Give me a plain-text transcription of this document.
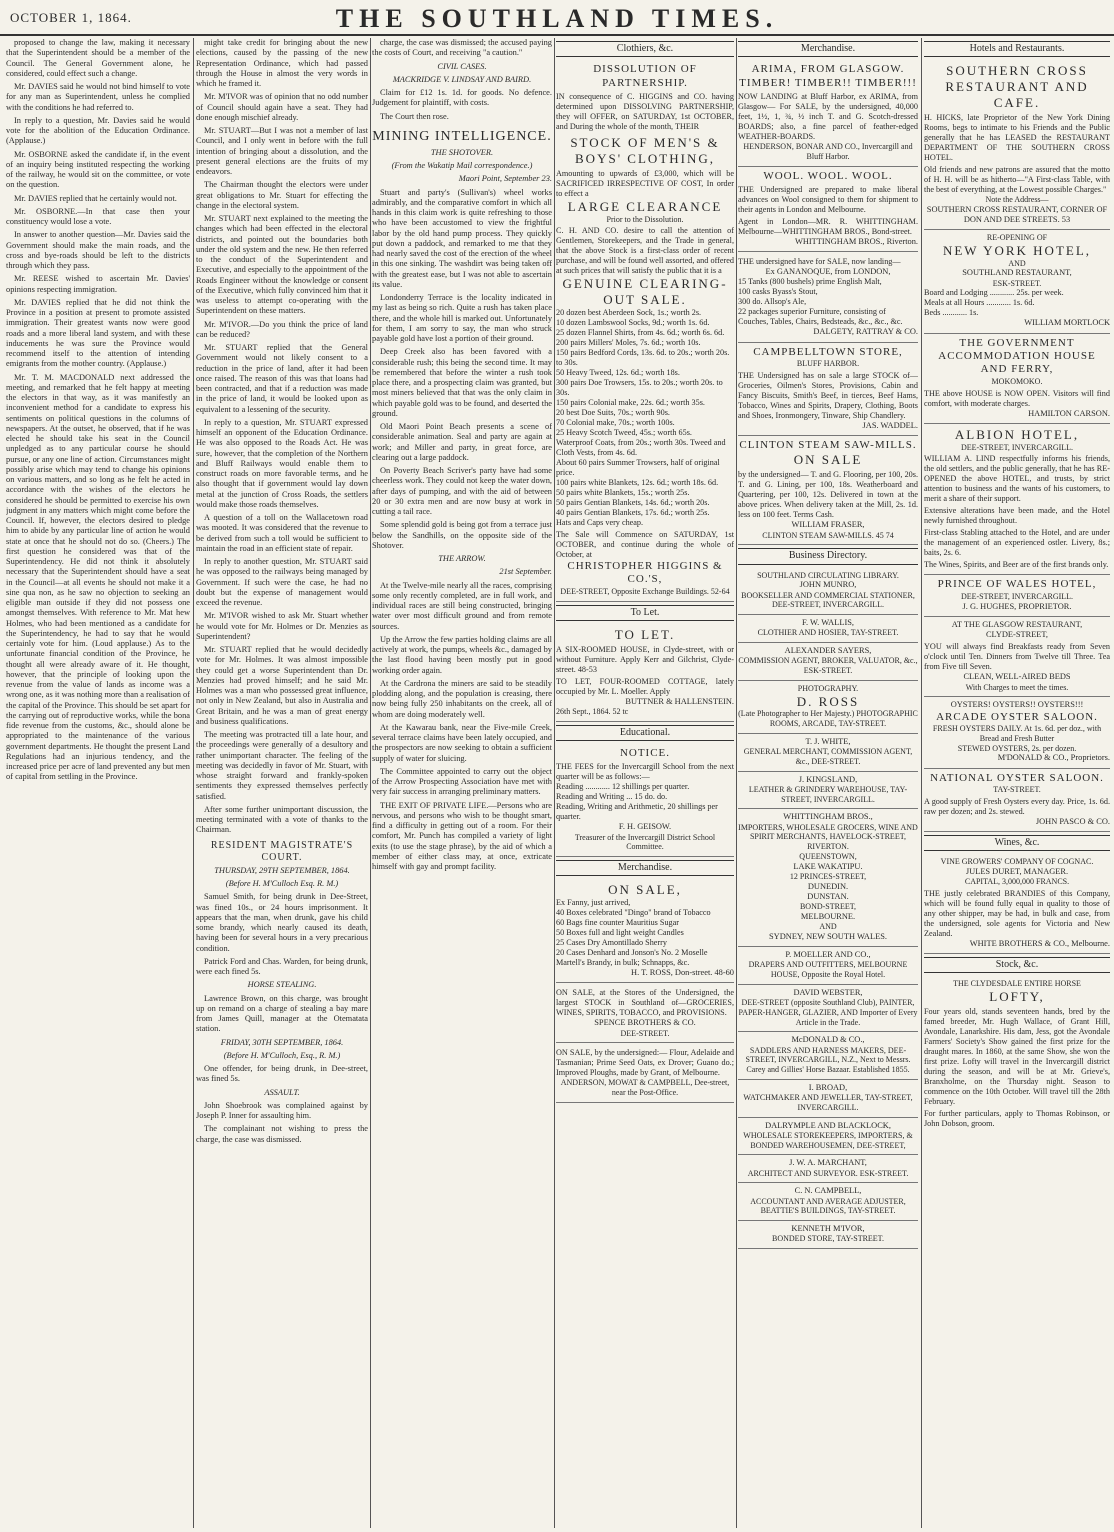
OCTOBER 1, 1864.	THE SOUTHLAND TIMES.

proposed to change the law, making it necessary that the Superintendent should be a member of the Council. The General Government alone, he considered, could effect such a change.

Mr. DAVIES said he would not bind himself to vote for any man as Superintendent, unless he complied with the conditions he had referred to.

In reply to a question, Mr. Davies said he would vote for the abolition of the Education Ordinance. (Applause.)

Mr. OSBORNE asked the candidate if, in the event of an inquiry being instituted respecting the working of the railway, he would sit on the committee, or vote on the question.

Mr. DAVIES replied that he certainly would not.

Mr. OSBORNE.—In that case then your constituency would lose a vote.

In answer to another question—Mr. Davies said the Government should make the main roads, and the cross and bye-roads should be left to the districts through which they pass.

Mr. REESE wished to ascertain Mr. Davies' opinions respecting immigration.

Mr. DAVIES replied that he did not think the Province in a position at present to promote assisted immigration. Their greatest wants now were good roads and a more liberal land system, and with these inducements he was sure the Province would recommend itself to the attention of intending emigrants from the mother country. (Applause.)

Mr. T. M. MACDONALD next addressed the meeting, and remarked that he felt happy at meeting the electors in that way, as it was manifestly an inconvenient method for a candidate to express his sentiments on political questions in the columns of newspapers. At the outset, he observed, that if he was elected he should take his seat in the Council unpledged as to any particular course he should pursue, or any one line of action. Circumstances might possibly arise which may tend to change his opinions on various matters, and so long as he felt he acted in accordance with the wishes of the electors he considered he should be permitted to exercise his own judgment in any matters which might come before the Council. If, however, the electors desired to pledge him to abide by any particular line of action he would state at once that he should not do so. (Cheers.) The first question he considered was that of the Superintendency. He did not think it absolutely necessary that the Superintendent should have a seat in the Council—at all events he should not make it a sine qua non, as he saw no objection to seeking an eligible man outside if they did not possess one amongst themselves. With reference to Mr. Mat hew Holmes, who had been mentioned as a candidate for the Superintendency, he had to say that he would certainly vote for him. (Loud applause.) As to the unfortunate financial condition of the Province, he thought all were already aware of it. He thought, however, that the principle of looking upon the revenue from the value of lands as income was a wrong one, as it was nothing more than a realisation of the capital of the Province. This should be set apart for the carrying out of reproductive works, while the bona fide revenue from the customs, &c., should alone be appropriated to the maintenance of the various government departments. He thought the present Land Regulations had an injurious tendency, and the increased price per acre of land prevented any but men of capital from settling in the Province.

might take credit for bringing about the new elections, caused by the passing of the new Representation Ordinance, which had passed through the House in almost the very words in which he framed it.

Mr. M'IVOR was of opinion that no odd number of Council should again have a seat. They had done enough mischief already.

Mr. STUART—But I was not a member of last Council, and I only went in before with the full intention of bringing about a dissolution, and the present general elections are the fruits of my endeavors.

The Chairman thought the electors were under great obligations to Mr. Stuart for effecting the change in the electoral system.

Mr. STUART next explained to the meeting the changes which had been effected in the electoral districts, and pointed out the boundaries both under the old system and the new. He then referred to the conduct of the Superintendent and Executive, and especially to the appointment of the Roads Engineer without the knowledge or consent of the Executive, which fully convinced him that it was useless to attempt co-operating with the Superintendent on these matters.

Mr. M'IVOR.—Do you think the price of land can be reduced?

Mr. STUART replied that the General Government would not likely consent to a reduction in the price of land, after it had been once raised. The reason of this was that loans had been contracted, and that if a reduction was made in the price of land, it would be looked upon as equivalent to a lessening of the security.

In reply to a question, Mr. STUART expressed himself an opponent of the Education Ordinance. He was also opposed to the Roads Act. He was sure, however, that the completion of the Northern and Bluff Railways would enable them to construct roads on more favorable terms, and he also thought that if government would lay down metal at the junction of Cross Roads, the settlers would make those roads themselves.

A question of a toll on the Wallacetown road was mooted. It was considered that the revenue to be derived from such a toll would be sufficient to maintain the road in an efficient state of repair.

In reply to another question, Mr. STUART said he was opposed to the railways being managed by Government. If such were the case, he had no doubt but the expense of management would exceed the revenue.

Mr. M'IVOR wished to ask Mr. Stuart whether he would vote for Mr. Holmes or Dr. Menzies as Superintendent?

Mr. STUART replied that he would decidedly vote for Mr. Holmes. It was almost impossible they could get a worse Superintendent than Dr. Menzies had proved himself; and he said Mr. Holmes was a man who possessed great influence, not only in New Zealand, but also in Australia and Great Britain, and he was a man of great energy and business qualifications.

The meeting was protracted till a late hour, and the proceedings were generally of a desultory and rather unimportant character. The feeling of the meeting was decidedly in favor of Mr. Stuart, with whose straight forward and frankly-spoken sentiments they expressed themselves perfectly satisfied.

After some further unimportant discussion, the meeting terminated with a vote of thanks to the Chairman.

RESIDENT MAGISTRATE'S COURT.
THURSDAY, 29TH SEPTEMBER, 1864.
(Before H. M'Culloch Esq. R. M.)

Samuel Smith, for being drunk in Dee-Street, was fined 10s., or 24 hours imprisonment. It appears that the man, when drunk, gave his child some brandy, which nearly caused its death, having been for several hours in a very precarious condition.

Patrick Ford and Chas. Warden, for being drunk, were each fined 5s.

HORSE STEALING.

Lawrence Brown, on this charge, was brought up on remand on a charge of stealing a bay mare from James Quill, manager at the Otematata station.

FRIDAY, 30TH SEPTEMBER, 1864.
(Before H. M'Culloch, Esq., R. M.)

One offender, for being drunk, in Dee-street, was fined 5s.

ASSAULT.

John Shoebrook was complained against by Joseph P. Inner for assaulting him.

The complainant not wishing to press the charge, the case was dismissed.

charge, the case was dismissed; the accused paying the costs of Court, and receiving "a caution."

CIVIL CASES.
MACKRIDGE V. LINDSAY AND BAIRD.

Claim for £12 1s. 1d. for goods. No defence. Judgement for plaintiff, with costs.

The Court then rose.

MINING INTELLIGENCE.
THE SHOTOVER.
(From the Wakatip Mail correspondence.)
Maori Point, September 23.

Stuart and party's (Sullivan's) wheel works admirably, and the comparative comfort in which all hands in this claim work is quite refreshing to those who have been accustomed to view the frightful labor by the old hand pump process. They quickly put down a paddock, and remarked to me that they had nearly saved the cost of the erection of the wheel in this one sinking. The washdirt was being taken off with the greatest ease, but I was not able to ascertain its value.

Londonderry Terrace is the locality indicated in my last as being so rich. Quite a rush has taken place there, and the whole hill is marked out. Unfortunately for them, I am sorry to say, the man who struck payable gold have lost a portion of their ground.

Deep Creek also has been favored with a considerable rush; this being the second time. It may be remembered that before the winter a rush took place there, and a prospecting claim was granted, but most miners believed that that was the only claim in which payable gold was to be found, and deserted the ground.

Old Maori Point Beach presents a scene of considerable animation. Seal and party are again at work; and Miller and party, in great force, are clearing out a large paddock.

On Poverty Beach Scriver's party have had some cheerless work. They could not keep the water down, after days of pumping, and with the aid of between 20 or 30 extra men and are now busy at work in cutting a tail race.

Some splendid gold is being got from a terrace just below the Sandhills, on the opposite side of the Shotover.

THE ARROW.
21st September.

At the Twelve-mile nearly all the races, comprising some only recently completed, are in full work, and individual races are still being constructed, bringing water over most difficult ground and from remote sources.

Up the Arrow the few parties holding claims are all actively at work, the pumps, wheels &c., damaged by the last flood having been mostly put in good working order again.

At the Cardrona the miners are said to be steadily plodding along, and the population is creasing, there now being fully 250 inhabitants on the creek, all of whom are doing moderately well.

At the Kawarau bank, near the Five-mile Creek, several terrace claims have been lately occupied, and the prospectors are now seeking to obtain a sufficient supply of water for sluicing.

The Committee appointed to carry out the object of the Arrow Prospecting Association have met with very fair success in arranging preliminary matters.

THE EXIT OF PRIVATE LIFE.—Persons who are nervous, and persons who wish to be thought smart, find a difficulty in getting out of a room. For their comfort, Mr. Punch has compiled a variety of light exits (to use the stage phrase), by the aid of which a member of either class may, at once, extricate himself with gay and prompt facility.

Clothiers, &c.
DISSOLUTION OF PARTNERSHIP.
IN consequence of C. HIGGINS and CO. having determined upon DISSOLVING PARTNERSHIP, they will OFFER, on SATURDAY, 1st OCTOBER, and During the whole of the month, THEIR
STOCK OF MEN'S & BOYS' CLOTHING,
Amounting to upwards of £3,000, which will be SACRIFICED IRRESPECTIVE OF COST, In order to effect a
LARGE CLEARANCE
Prior to the Dissolution.
C. H. AND CO. desire to call the attention of Gentlemen, Storekeepers, and the Trade in general, that the above Stock is a first-class order of recent purchase, and will be found well assorted, and offered at such prices that will satisfy the public that it is a
GENUINE CLEARING-OUT SALE.
20 dozen best Aberdeen Sock, 1s.; worth 2s.
10 dozen Lambswool Socks, 9d.; worth 1s. 6d.
25 dozen Flannel Shirts, from 4s. 6d.; worth 6s. 6d.
200 pairs Millers' Moles, 7s. 6d.; worth 10s.
150 pairs Bedford Cords, 13s. 6d. to 20s.; worth 20s. to 30s.
50 Heavy Tweed, 12s. 6d.; worth 18s.
300 pairs Doe Trowsers, 15s. to 20s.; worth 20s. to 30s.
150 pairs Colonial make, 22s. 6d.; worth 35s.
20 best Doe Suits, 70s.; worth 90s.
70 Colonial make, 70s.; worth 100s.
25 Heavy Scotch Tweed, 45s.; worth 65s.
Waterproof Coats, from 20s.; worth 30s. Tweed and Cloth Vests, from 4s. 6d.
About 60 pairs Summer Trowsers, half of original price.
100 pairs white Blankets, 12s. 6d.; worth 18s. 6d.
50 pairs white Blankets, 15s.; worth 25s.
50 pairs Gentian Blankets, 14s. 6d.; worth 20s.
40 pairs Gentian Blankets, 17s. 6d.; worth 25s.
Hats and Caps very cheap.
The Sale will Commence on SATURDAY, 1st OCTOBER, and continue during the whole of October, at
CHRISTOPHER HIGGINS & CO.'S,
DEE-STREET, Opposite Exchange Buildings. 52-64
To Let.
TO LET.
A SIX-ROOMED HOUSE, in Clyde-street, with or without Furniture. Apply Kerr and Gilchrist, Clyde-street. 48-53
TO LET, FOUR-ROOMED COTTAGE, lately occupied by Mr. L. Moeller. Apply
BUTTNER & HALLENSTEIN.
26th Sept., 1864. 52 tc
Educational.
NOTICE.
THE FEES for the Invercargill School from the next quarter will be as follows:—
Reading ............ 12 shillings per quarter.
Reading and Writing ... 15 do. do.
Reading, Writing and Arithmetic, 20 shillings per quarter.
F. H. GEISOW.
Treasurer of the Invercargill District School Committee.
Merchandise.
ON SALE,
Ex Fanny, just arrived,
40 Boxes celebrated "Dingo" brand of Tobacco
60 Bags fine counter Mauritius Sugar
50 Boxes full and light weight Candles
25 Cases Dry Amontillado Sherry
20 Cases Denhard and Jonson's No. 2 Moselle
Martell's Brandy, in bulk; Schnapps, &c.
H. T. ROSS, Don-street. 48-60
ON SALE, at the Stores of the Undersigned, the largest STOCK in Southland of—GROCERIES, WINES, SPIRITS, TOBACCO, and PROVISIONS.
SPENCE BROTHERS & CO.
DEE-STREET.
ON SALE, by the undersigned:— Flour, Adelaide and Tasmanian; Prime Seed Oats, ex Drover; Guano do.; Improved Ploughs, made by Grant, of Melbourne.
ANDERSON, MOWAT & CAMPBELL, Dee-street, near the Post-Office.
Merchandise.
ARIMA, FROM GLASGOW.
TIMBER! TIMBER!! TIMBER!!!
NOW LANDING at Bluff Harbor, ex ARIMA, from Glasgow— For SALE, by the undersigned, 40,000 feet, 1½, 1, ¾, ½ inch T. and G. Scotch-dressed BOARDS; also, a fine parcel of feather-edged WEATHER-BOARDS.
HENDERSON, BONAR AND CO., Invercargill and Bluff Harbor.
WOOL. WOOL. WOOL.
THE Undersigned are prepared to make liberal advances on Wool consigned to them for shipment to their agents in London and Melbourne.
Agent in London—MR. R. WHITTINGHAM. Melbourne—WHITTINGHAM BROS., Bond-street.
WHITTINGHAM BROS., Riverton.
THE undersigned have for SALE, now landing—
Ex GANANOQUE, from LONDON,
15 Tanks (800 bushels) prime English Malt,
100 casks Byass's Stout,
300 do. Allsop's Ale,
22 packages superior Furniture, consisting of Couches, Tables, Chairs, Bedsteads, &c., &c., &c.
DALGETY, RATTRAY & CO.
CAMPBELLTOWN STORE,
BLUFF HARBOR.
THE Undersigned has on sale a large STOCK of— Groceries, Oilmen's Stores, Provisions, Cabin and Fancy Biscuits, Smith's Beef, in tierces, Beef Hams, Tobacco, Wines and Spirits, Drapery, Clothing, Boots and Shoes, Ironmongery, Tinware, Ship Chandlery.
JAS. WADDEL.
CLINTON STEAM SAW-MILLS.
ON SALE
by the undersigned— T. and G. Flooring, per 100, 20s. T. and G. Lining, per 100, 18s. Weatherboard and Quartering, per 100, 12s. Delivered in town at the above prices. When delivery taken at the Mill, 2s. 1d. less on 100 feet. Terms Cash.
WILLIAM FRASER,
CLINTON STEAM SAW-MILLS. 45 74
Business Directory.
SOUTHLAND CIRCULATING LIBRARY.
JOHN MUNRO,
BOOKSELLER AND COMMERCIAL STATIONER,
DEE-STREET, INVERCARGILL.
F. W. WALLIS,
CLOTHIER AND HOSIER, TAY-STREET.
ALEXANDER SAYERS,
COMMISSION AGENT, BROKER, VALUATOR, &c., ESK-STREET.
PHOTOGRAPHY.
D. ROSS
(Late Photographer to Her Majesty.) PHOTOGRAPHIC ROOMS, ARCADE, TAY-STREET.
T. J. WHITE,
GENERAL MERCHANT, COMMISSION AGENT, &c., DEE-STREET.
J. KINGSLAND,
LEATHER & GRINDERY WAREHOUSE, TAY-STREET, INVERCARGILL.
WHITTINGHAM BROS.,
IMPORTERS, WHOLESALE GROCERS, WINE AND SPIRIT MERCHANTS, HAVELOCK-STREET, RIVERTON.
QUEENSTOWN,
LAKE WAKATIPU.
12 PRINCES-STREET,
DUNEDIN.
DUNSTAN.
BOND-STREET,
MELBOURNE.
AND
SYDNEY, NEW SOUTH WALES.
P. MOELLER AND CO.,
DRAPERS AND OUTFITTERS, MELBOURNE HOUSE, Opposite the Royal Hotel.
DAVID WEBSTER,
DEE-STREET (opposite Southland Club), PAINTER, PAPER-HANGER, GLAZIER, AND Importer of Every Article in the Trade.
McDONALD & CO.,
SADDLERS AND HARNESS MAKERS, DEE-STREET, INVERCARGILL, N.Z., Next to Messrs. Carey and Gillies' Horse Bazaar. Established 1855.
I. BROAD,
WATCHMAKER AND JEWELLER, TAY-STREET, INVERCARGILL.
DALRYMPLE AND BLACKLOCK,
WHOLESALE STOREKEEPERS, IMPORTERS, & BONDED WAREHOUSEMEN, DEE-STREET,
J. W. A. MARCHANT,
ARCHITECT AND SURVEYOR. ESK-STREET.
C. N. CAMPBELL,
ACCOUNTANT AND AVERAGE ADJUSTER, BEATTIE'S BUILDINGS, TAY-STREET.
KENNETH M'IVOR,
BONDED STORE, TAY-STREET.
Hotels and Restaurants.
SOUTHERN CROSS RESTAURANT AND CAFE.
H. HICKS, late Proprietor of the New York Dining Rooms, begs to intimate to his Friends and the Public generally that he has LEASED the RESTAURANT DEPARTMENT OF THE SOUTHERN CROSS HOTEL.
Old friends and new patrons are assured that the motto of H. H. will be as hitherto—"A First-class Table, with the best of everything, at the Lowest possible Charges."
Note the Address—
SOUTHERN CROSS RESTAURANT, CORNER OF DON AND DEE STREETS. 53
RE-OPENING OF
NEW YORK HOTEL,
AND
SOUTHLAND RESTAURANT,
ESK-STREET.
Board and Lodging ............ 25s. per week.
Meals at all Hours ............ 1s. 6d.
Beds ............ 1s.
WILLIAM MORTLOCK
THE GOVERNMENT ACCOMMODATION HOUSE AND FERRY,
MOKOMOKO.
THE above HOUSE is NOW OPEN. Visitors will find comfort, with moderate charges.
HAMILTON CARSON.
ALBION HOTEL,
DEE-STREET, INVERCARGILL.
WILLIAM A. LIND respectfully informs his friends, the old settlers, and the public generally, that he has RE-OPENED the above HOTEL, and trusts, by strict attention to business and the wants of his customers, to merit a share of their support.
Extensive alterations have been made, and the Hotel newly furnished throughout.
First-class Stabling attached to the Hotel, and are under the management of an experienced ostler. Livery, 8s.; baits, 2s. 6.
The Wines, Spirits, and Beer are of the first brands only.
PRINCE OF WALES HOTEL,
DEE-STREET, INVERCARGILL.
J. G. HUGHES, PROPRIETOR.
AT THE GLASGOW RESTAURANT,
CLYDE-STREET,
YOU will always find Breakfasts ready from Seven o'clock until Ten. Dinners from Twelve till Three. Tea from Five till Seven.
CLEAN, WELL-AIRED BEDS
With Charges to meet the times.
OYSTERS! OYSTERS!! OYSTERS!!!
ARCADE OYSTER SALOON.
FRESH OYSTERS DAILY. At 1s. 6d. per doz., with Bread and Fresh Butter
STEWED OYSTERS, 2s. per dozen.
M'DONALD & CO., Proprietors.
NATIONAL OYSTER SALOON.
TAY-STREET.
A good supply of Fresh Oysters every day. Price, 1s. 6d. raw per dozen; and 2s. stewed.
JOHN PASCO & CO.
Wines, &c.
VINE GROWERS' COMPANY OF COGNAC.
JULES DURET, MANAGER.
CAPITAL, 3,000,000 FRANCS.
THE justly celebrated BRANDIES of this Company, which will be found fully equal in quality to those of any other shipper, may be had, in bulk and case, from the undersigned, sole agents for Victoria and New Zealand.
WHITE BROTHERS & CO., Melbourne.
Stock, &c.
THE CLYDESDALE ENTIRE HORSE
LOFTY,
Four years old, stands seventeen hands, bred by the famed breeder, Mr. Hugh Wallace, of Grant Hill, Avondale, Lanarkshire. His dam, Jess, got the Avondale Farmers' Society's Show gained the first prize for the draught mares. In 1860, at the same Show, she won the first prize. Lofty will travel in the Invercargill district during the season, and will be at Mr. Grieve's, Branxholme, on the Thursday night. Season to commence on the 10th October. Will travel till the 28th February.
For further particulars, apply to Thomas Robinson, or John Dobson, groom.
